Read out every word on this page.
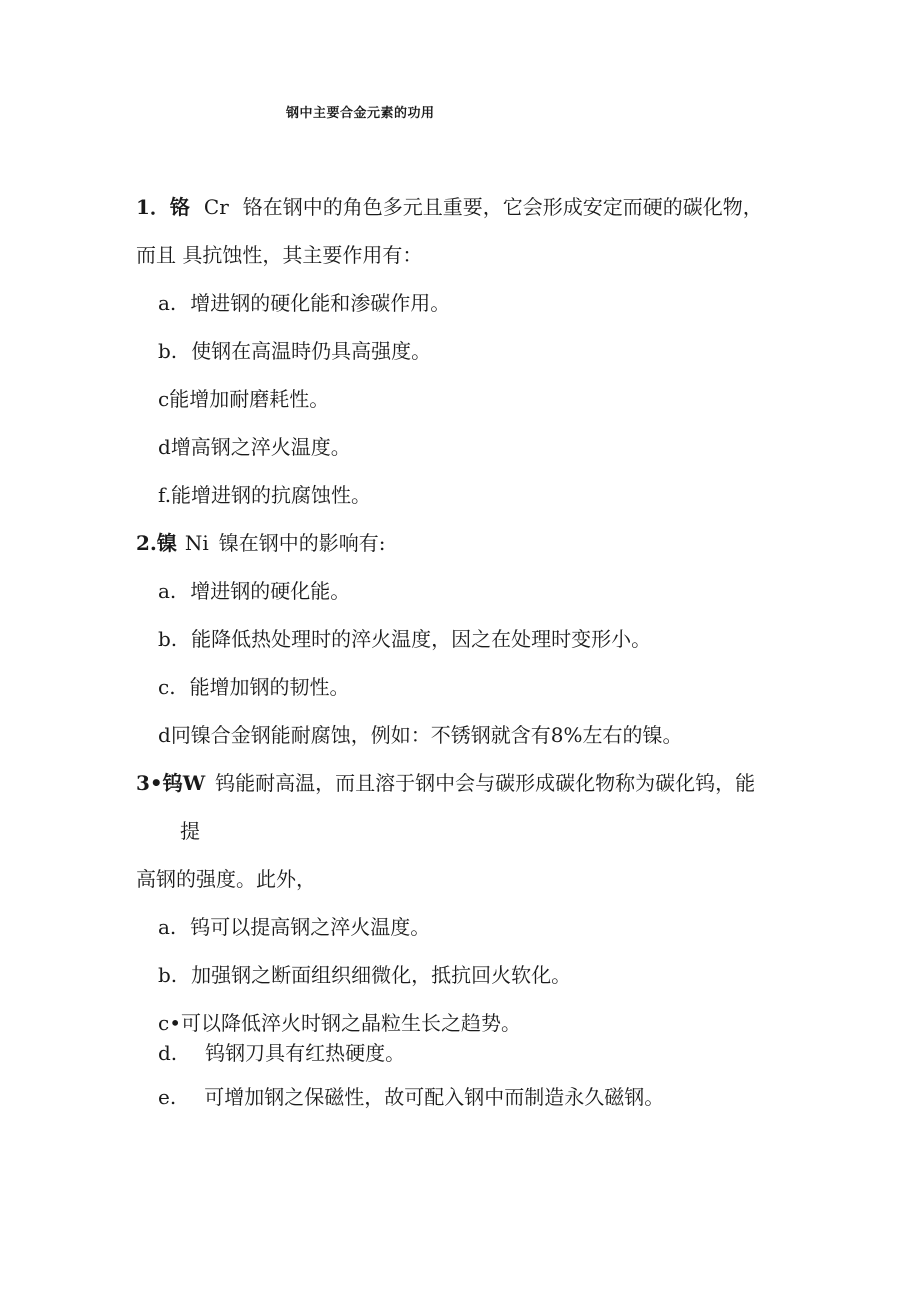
钢中主要合金元素的功用
1．铬 Cr 铬在钢中的角色多元且重要，它会形成安定而硬的碳化物，
而且 具抗蚀性，其主要作用有：
a. 增进钢的硬化能和渗碳作用。
b. 使钢在高温時仍具高强度。
c能增加耐磨耗性。
d增高钢之淬火温度。
f.能增进钢的抗腐蚀性。
2.镍 Ni 镍在钢中的影响有:
a. 增进钢的硬化能。
b. 能降低热处理时的淬火温度，因之在处理时变形小。
c. 能增加钢的韧性。
d冋镍合金钢能耐腐蚀，例如：不锈钢就含有8%左右的镍。
3•钨W 钨能耐高温，而且溶于钢中会与碳形成碳化物称为碳化钨，能
提
高钢的强度。此外，
a. 钨可以提高钢之淬火温度。
b. 加强钢之断面组织细微化，抵抗回火软化。
c•可以降低淬火时钢之晶粒生长之趋势。
d. 钨钢刀具有红热硬度。
e. 可增加钢之保磁性，故可配入钢中而制造永久磁钢。
